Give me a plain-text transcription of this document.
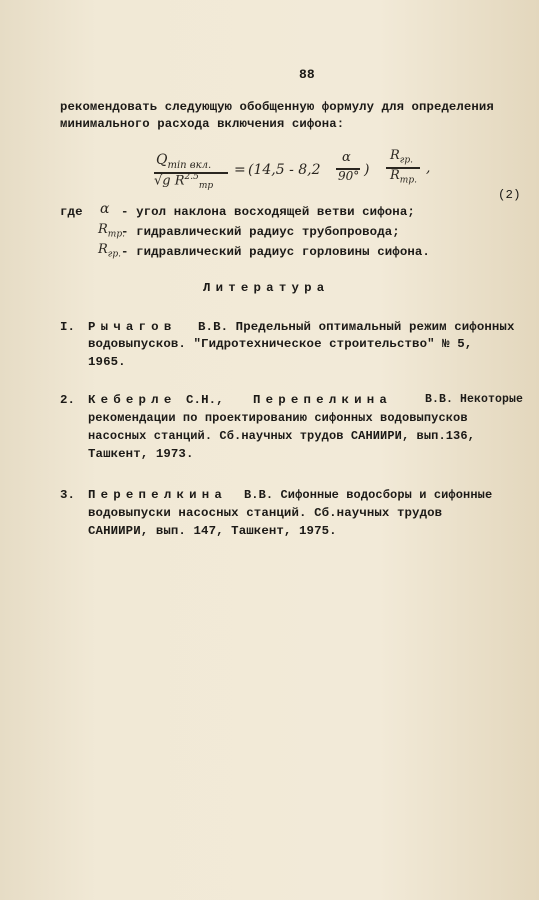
88
рекомендовать следующую обобщенную формулу для определения
минимального расхода включения сифона:
$Q_{min вкл.}$
√g $R^{2.5}_{тр}$
= (14,5 - 8,2
α
90° )
$R_{гр.}$
$R_{тр.}$
,
(2)
где α - угол наклона восходящей ветви сифона;
$R_{тр.}$
- гидравлический радиус трубопровода;
$R_{гр.}$ - гидравлический радиус горловины сифона.
Литература
I. Рычагов В.В. Предельный оптимальный режим сифонных
водовыпусков. "Гидротехническое строительство" № 5,
1965.
2. Кеберле С.Н., Перепелкина	В.В. Некоторые
рекомендации по проектированию сифонных водовыпусков
насосных станций. Сб.научных трудов САНИИРИ, вып.136,
Ташкент, 1973.
3. Перепелкина В.В. Сифонные водосборы и сифонные
водовыпуски насосных станций. Сб.научных трудов
САНИИРИ, вып. 147, Ташкент, 1975.
